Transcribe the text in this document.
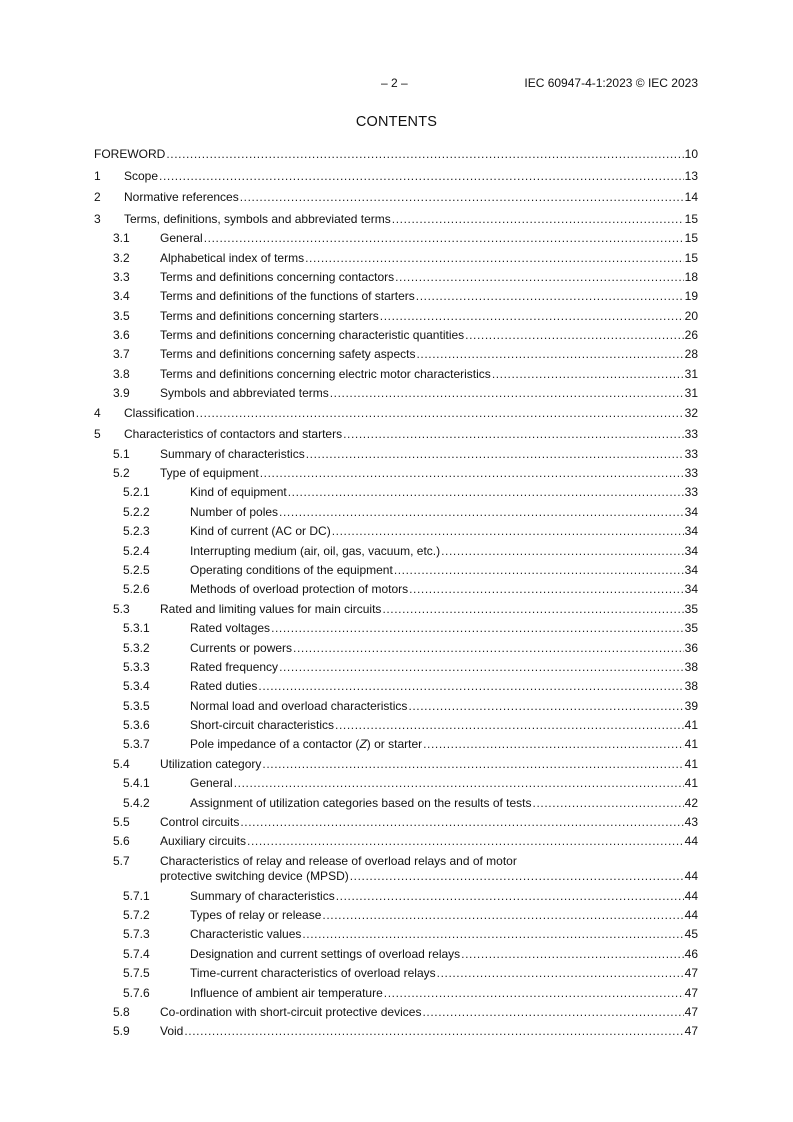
– 2 –	IEC 60947-4-1:2023 © IEC 2023
CONTENTS
FOREWORD .....	10
1 Scope .....	13
2 Normative references .....	14
3 Terms, definitions, symbols and abbreviated terms .....	15
3.1	General .....	15
3.2	Alphabetical index of terms .....	15
3.3	Terms and definitions concerning contactors .....	18
3.4	Terms and definitions of the functions of starters .....	19
3.5	Terms and definitions concerning starters .....	20
3.6	Terms and definitions concerning characteristic quantities .....	26
3.7	Terms and definitions concerning safety aspects .....	28
3.8	Terms and definitions concerning electric motor characteristics .....	31
3.9	Symbols and abbreviated terms .....	31
4 Classification .....	32
5 Characteristics of contactors and starters .....	33
5.1	Summary of characteristics .....	33
5.2	Type of equipment .....	33
5.2.1	Kind of equipment .....	33
5.2.2	Number of poles .....	34
5.2.3	Kind of current (AC or DC) .....	34
5.2.4	Interrupting medium (air, oil, gas, vacuum, etc.) .....	34
5.2.5	Operating conditions of the equipment .....	34
5.2.6	Methods of overload protection of motors .....	34
5.3	Rated and limiting values for main circuits .....	35
5.3.1	Rated voltages .....	35
5.3.2	Currents or powers .....	36
5.3.3	Rated frequency .....	38
5.3.4	Rated duties .....	38
5.3.5	Normal load and overload characteristics .....	39
5.3.6	Short-circuit characteristics .....	41
5.3.7	Pole impedance of a contactor (Z) or starter .....	41
5.4	Utilization category .....	41
5.4.1	General .....	41
5.4.2	Assignment of utilization categories based on the results of tests .....	42
5.5	Control circuits .....	43
5.6	Auxiliary circuits .....	44
5.7	Characteristics of relay and release of overload relays and of motor
protective switching device (MPSD) .....	44
5.7.1	Summary of characteristics .....	44
5.7.2	Types of relay or release .....	44
5.7.3	Characteristic values .....	45
5.7.4	Designation and current settings of overload relays .....	46
5.7.5	Time-current characteristics of overload relays .....	47
5.7.6	Influence of ambient air temperature .....	47
5.8	Co-ordination with short-circuit protective devices .....	47
5.9	Void .....	47
